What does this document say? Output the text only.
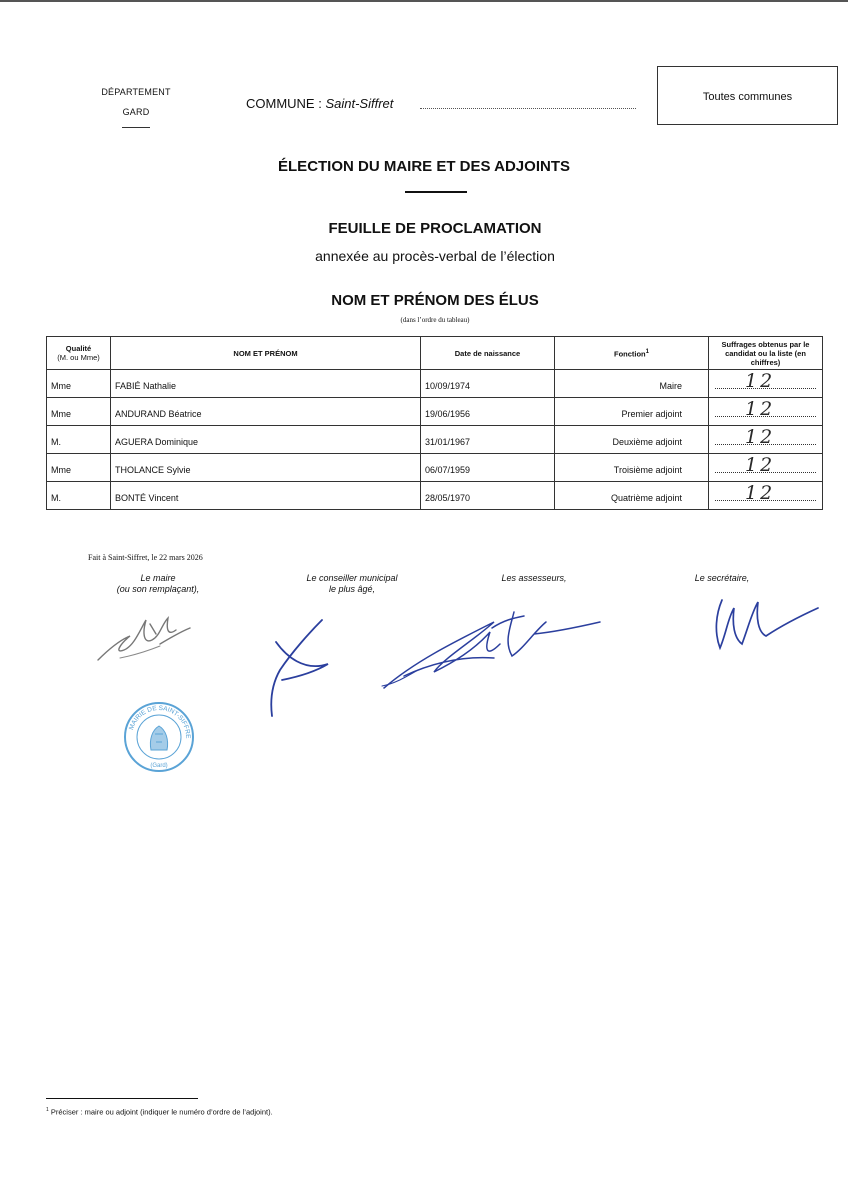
DÉPARTEMENT
GARD
COMMUNE : Saint-Siffret	Toutes communes
ÉLECTION DU MAIRE ET DES ADJOINTS
FEUILLE DE PROCLAMATION
annexée au procès-verbal de l’élection
NOM ET PRÉNOM DES ÉLUS
(dans l’ordre du tableau)
Qualité
(M. ou Mme)	NOM ET PRÉNOM	Date de naissance	Fonction$^1$	Suffrages obtenus par le candidat ou la liste (en chiffres)
Mme	FABIÉ Nathalie	10/09/1974	Maire	12

Mme	ANDURAND Béatrice	19/06/1956	Premier adjoint	12

M.	AGUERA Dominique	31/01/1967	Deuxième adjoint	12

Mme	THOLANCE Sylvie	06/07/1959	Troisième adjoint	12

M.	BONTÉ Vincent	28/05/1970	Quatrième adjoint	12
Fait à Saint-Siffret, le 22 mars 2026
Le maire
(ou son remplaçant),
Le conseiller municipal
le plus âgé,
Les assesseurs,	Le secrétaire,
MAIRIE DE SAINT-SIFFRE
(Gard)
$^1$ Préciser : maire ou adjoint (indiquer le numéro d’ordre de l’adjoint).
